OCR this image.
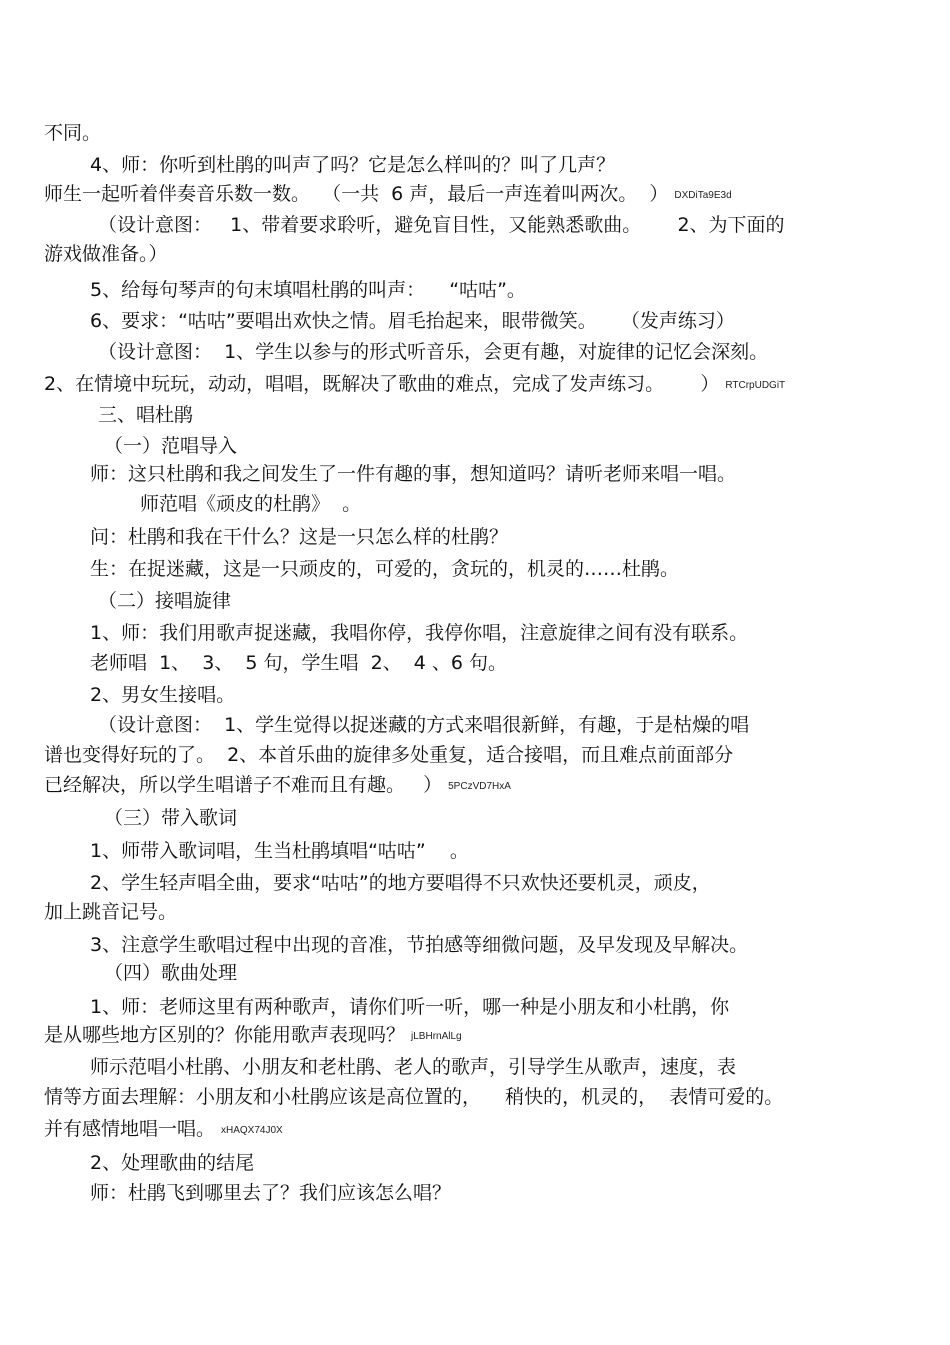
不同。
4、师：你听到杜鹃的叫声了吗？它是怎么样叫的？叫了几声？
师生一起听着伴奏音乐数一数。  （一共  6 声，最后一声连着叫两次。  ） DXDiTa9E3d
（设计意图：   1、带着要求聆听，避免盲目性，又能熟悉歌曲。      2、为下面的
游戏做准备。）
5、给每句琴声的句末填唱杜鹃的叫声：    “咕咕”。
6、要求：“咕咕”要唱出欢快之情。眉毛抬起来，眼带微笑。    （发声练习）
（设计意图：  1、学生以参与的形式听音乐，会更有趣，对旋律的记忆会深刻。
2、在情境中玩玩，动动，唱唱，既解决了歌曲的难点，完成了发声练习。      ） RTCrpUDGiT
三、唱杜鹃
（一）范唱导入
师：这只杜鹃和我之间发生了一件有趣的事，想知道吗？请听老师来唱一唱。
师范唱《顽皮的杜鹃》  。
问：杜鹃和我在干什么？这是一只怎么样的杜鹃？
生：在捉迷藏，这是一只顽皮的，可爱的，贪玩的，机灵的……杜鹃。
（二）接唱旋律
1、师：我们用歌声捉迷藏，我唱你停，我停你唱，注意旋律之间有没有联系。
老师唱  1、  3、  5 句，学生唱  2、  4 、6 句。
2、男女生接唱。
（设计意图：  1、学生觉得以捉迷藏的方式来唱很新鲜，有趣，于是枯燥的唱
谱也变得好玩的了。  2、本首乐曲的旋律多处重复，适合接唱，而且难点前面部分
已经解决，所以学生唱谱子不难而且有趣。   ） 5PCzVD7HxA
（三）带入歌词
1、师带入歌词唱，生当杜鹃填唱“咕咕”    。
2、学生轻声唱全曲，要求“咕咕”的地方要唱得不只欢快还要机灵，顽皮，
加上跳音记号。
3、注意学生歌唱过程中出现的音准，节拍感等细微问题，及早发现及早解决。
（四）歌曲处理
1、师：老师这里有两种歌声，请你们听一听，哪一种是小朋友和小杜鹃，你
是从哪些地方区别的？你能用歌声表现吗？ jLBHrnAlLg
师示范唱小杜鹃、小朋友和老杜鹃、老人的歌声，引导学生从歌声，速度，表
情等方面去理解：小朋友和小杜鹃应该是高位置的，    稍快的，机灵的，  表情可爱的。
并有感情地唱一唱。 xHAQX74J0X
2、处理歌曲的结尾
师：杜鹃飞到哪里去了？我们应该怎么唱？
